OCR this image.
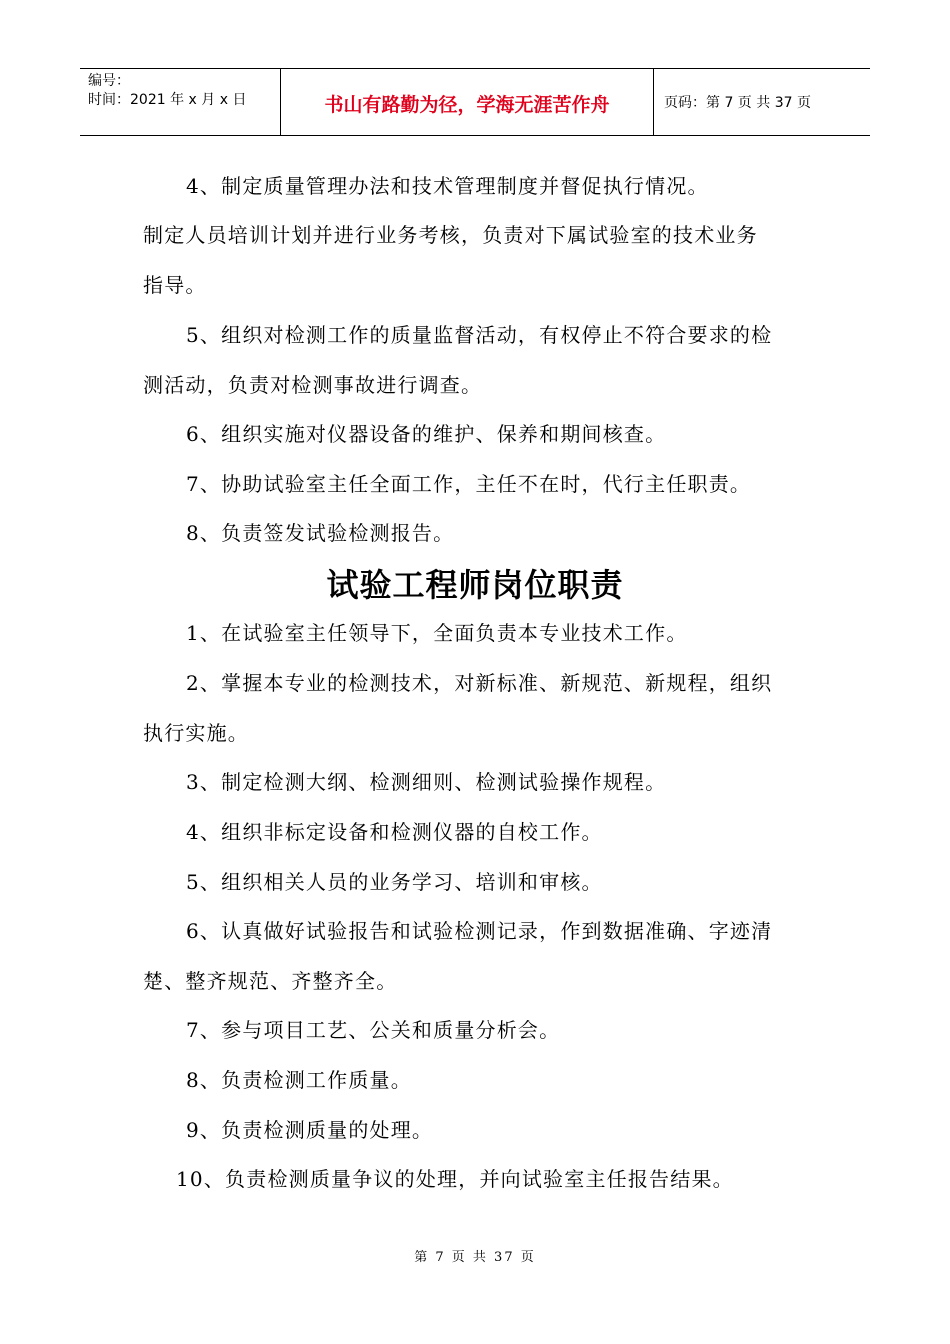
编号：
时间：2021 年 x 月 x 日	书山有路勤为径，学海无涯苦作舟	页码：第 7 页 共 37 页
4、制定质量管理办法和技术管理制度并督促执行情况。
制定人员培训计划并进行业务考核，负责对下属试验室的技术业务
指导。
5、组织对检测工作的质量监督活动，有权停止不符合要求的检
测活动，负责对检测事故进行调查。
6、组织实施对仪器设备的维护、保养和期间核查。
7、协助试验室主任全面工作，主任不在时，代行主任职责。
8、负责签发试验检测报告。
试验工程师岗位职责
1、在试验室主任领导下，全面负责本专业技术工作。
2、掌握本专业的检测技术，对新标准、新规范、新规程，组织
执行实施。
3、制定检测大纲、检测细则、检测试验操作规程。
4、组织非标定设备和检测仪器的自校工作。
5、组织相关人员的业务学习、培训和审核。
6、认真做好试验报告和试验检测记录，作到数据准确、字迹清
楚、整齐规范、齐整齐全。
7、参与项目工艺、公关和质量分析会。
8、负责检测工作质量。
9、负责检测质量的处理。
10、负责检测质量争议的处理，并向试验室主任报告结果。
第 7 页 共 37 页
